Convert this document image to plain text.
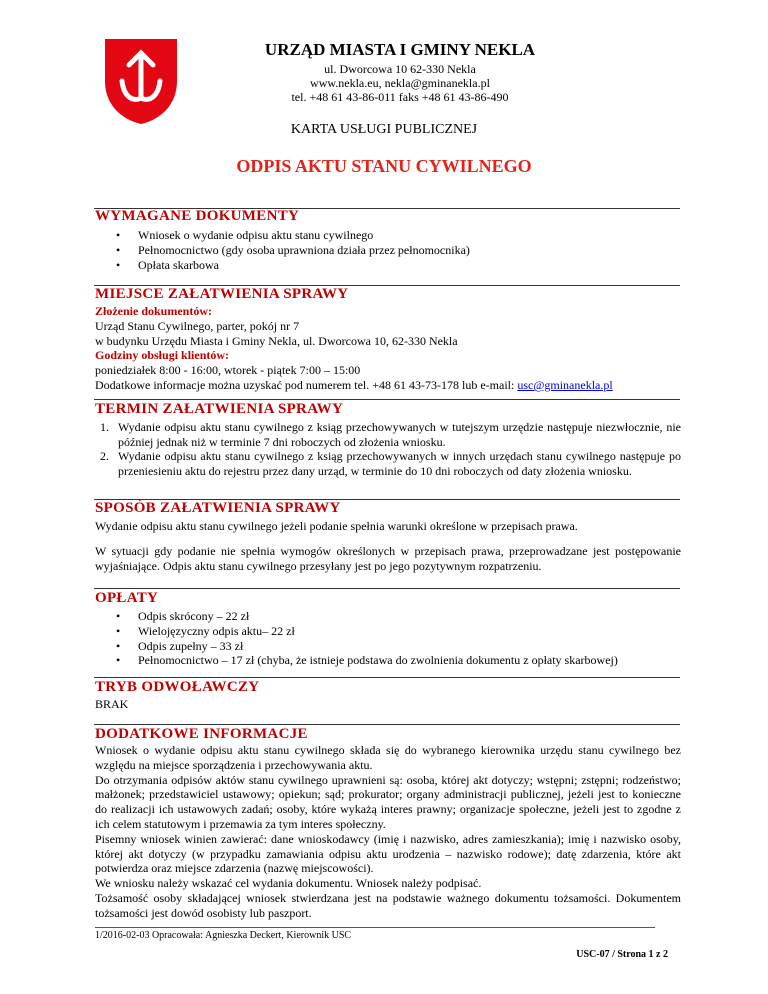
URZĄD MIASTA I GMINY NEKLA
ul. Dworcowa 10 62-330 Nekla
www.nekla.eu, nekla@gminanekla.pl
tel. +48 61 43-86-011 faks +48 61 43-86-490
KARTA USŁUGI PUBLICZNEJ
ODPIS AKTU STANU CYWILNEGO
WYMAGANE DOKUMENTY
• Wniosek o wydanie odpisu aktu stanu cywilnego
• Pełnomocnictwo (gdy osoba uprawniona działa przez pełnomocnika)
• Opłata skarbowa
MIEJSCE ZAŁATWIENIA SPRAWY
Złożenie dokumentów:
Urząd Stanu Cywilnego, parter, pokój nr 7
w budynku Urzędu Miasta i Gminy Nekla, ul. Dworcowa 10, 62-330 Nekla
Godziny obsługi klientów:
poniedziałek 8:00 - 16:00, wtorek - piątek 7:00 – 15:00
Dodatkowe informacje można uzyskać pod numerem tel. +48 61 43-73-178 lub e-mail: usc@gminanekla.pl
TERMIN ZAŁATWIENIA SPRAWY
1. Wydanie odpisu aktu stanu cywilnego z ksiąg przechowywanych w tutejszym urzędzie następuje niezwłocznie, nie później jednak niż w terminie 7 dni roboczych od złożenia wniosku.
2. Wydanie odpisu aktu stanu cywilnego z ksiąg przechowywanych w innych urzędach stanu cywilnego następuje po przeniesieniu aktu do rejestru przez dany urząd, w terminie do 10 dni roboczych od daty złożenia wniosku.
SPOSÓB ZAŁATWIENIA SPRAWY
Wydanie odpisu aktu stanu cywilnego jeżeli podanie spełnia warunki określone w przepisach prawa.
W sytuacji gdy podanie nie spełnia wymogów określonych w przepisach prawa, przeprowadzane jest postępowanie wyjaśniające. Odpis aktu stanu cywilnego przesyłany jest po jego pozytywnym rozpatrzeniu.
OPŁATY
• Odpis skrócony – 22 zł
• Wielojęzyczny odpis aktu– 22 zł
• Odpis zupełny – 33 zł
• Pełnomocnictwo – 17 zł (chyba, że istnieje podstawa do zwolnienia dokumentu z opłaty skarbowej)
TRYB ODWOŁAWCZY
BRAK
DODATKOWE INFORMACJE
Wniosek o wydanie odpisu aktu stanu cywilnego składa się do wybranego kierownika urzędu stanu cywilnego bez względu na miejsce sporządzenia i przechowywania aktu.
Do otrzymania odpisów aktów stanu cywilnego uprawnieni są: osoba, której akt dotyczy; wstępni; zstępni; rodzeństwo; małżonek; przedstawiciel ustawowy; opiekun; sąd; prokurator; organy administracji publicznej, jeżeli jest to konieczne do realizacji ich ustawowych zadań; osoby, które wykażą interes prawny; organizacje społeczne, jeżeli jest to zgodne z ich celem statutowym i przemawia za tym interes społeczny.
Pisemny wniosek winien zawierać: dane wnioskodawcy (imię i nazwisko, adres zamieszkania); imię i nazwisko osoby, której akt dotyczy (w przypadku zamawiania odpisu aktu urodzenia – nazwisko rodowe); datę zdarzenia, które akt potwierdza oraz miejsce zdarzenia (nazwę miejscowości).
We wniosku należy wskazać cel wydania dokumentu. Wniosek należy podpisać.
Tożsamość osoby składającej wniosek stwierdzana jest na podstawie ważnego dokumentu tożsamości. Dokumentem tożsamości jest dowód osobisty lub paszport.
1/2016-02-03 Opracowała: Agnieszka Deckert, Kierownik USC
USC-07 / Strona 1 z 2
